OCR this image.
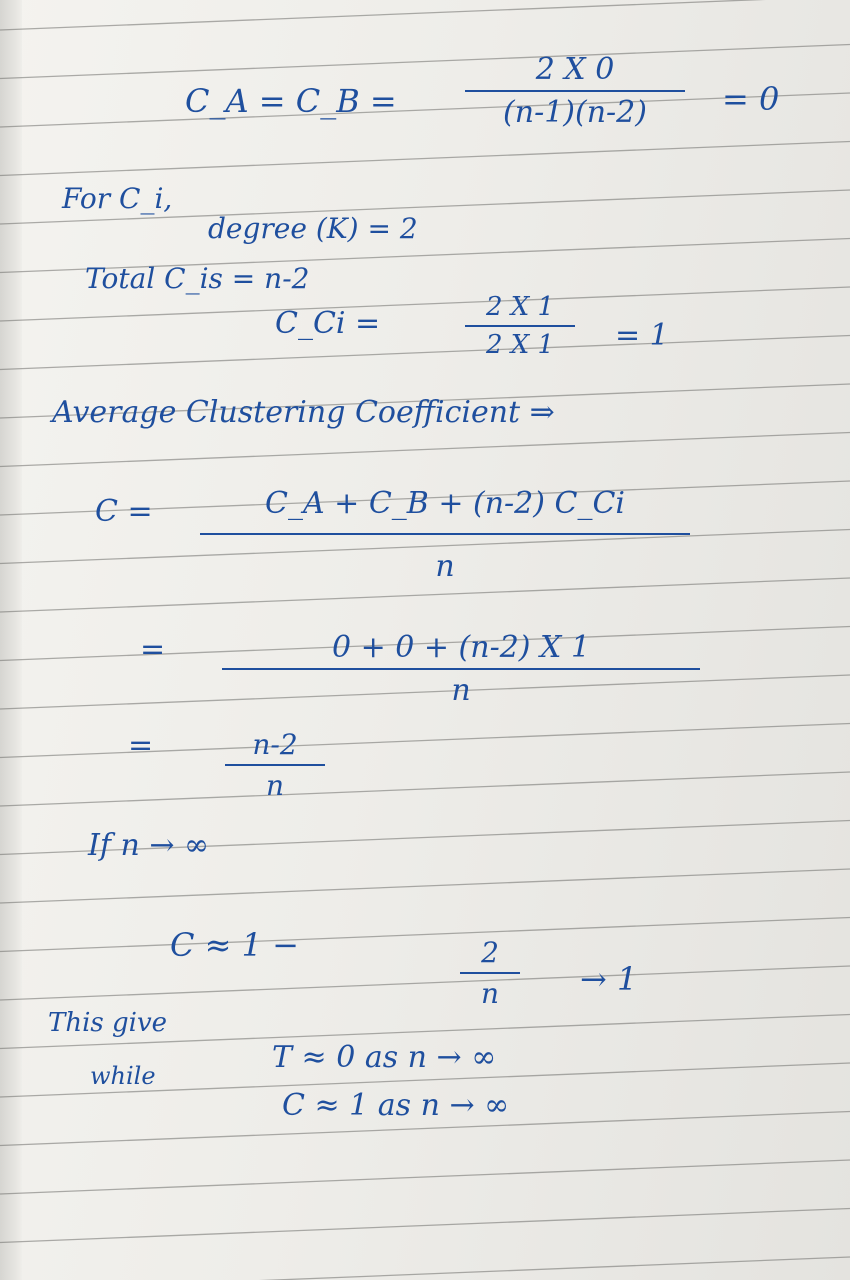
C_A = C_B =
2 X 0
(n-1)(n-2)	= 0
For C_i,
degree (K) = 2
Total C_is = n-2
C_Ci =	2 X 1
2 X 1	= 1
Average Clustering Coefficient ⇒
C =	C_A + C_B + (n-2) C_Ci
n
=	0 + 0 + (n-2) X 1
n
=	n-2
n
If n → ∞
C ≈ 1 −	2
n	→ 1
This give
while
T ≈ 0 as n → ∞
C ≈ 1 as n → ∞
